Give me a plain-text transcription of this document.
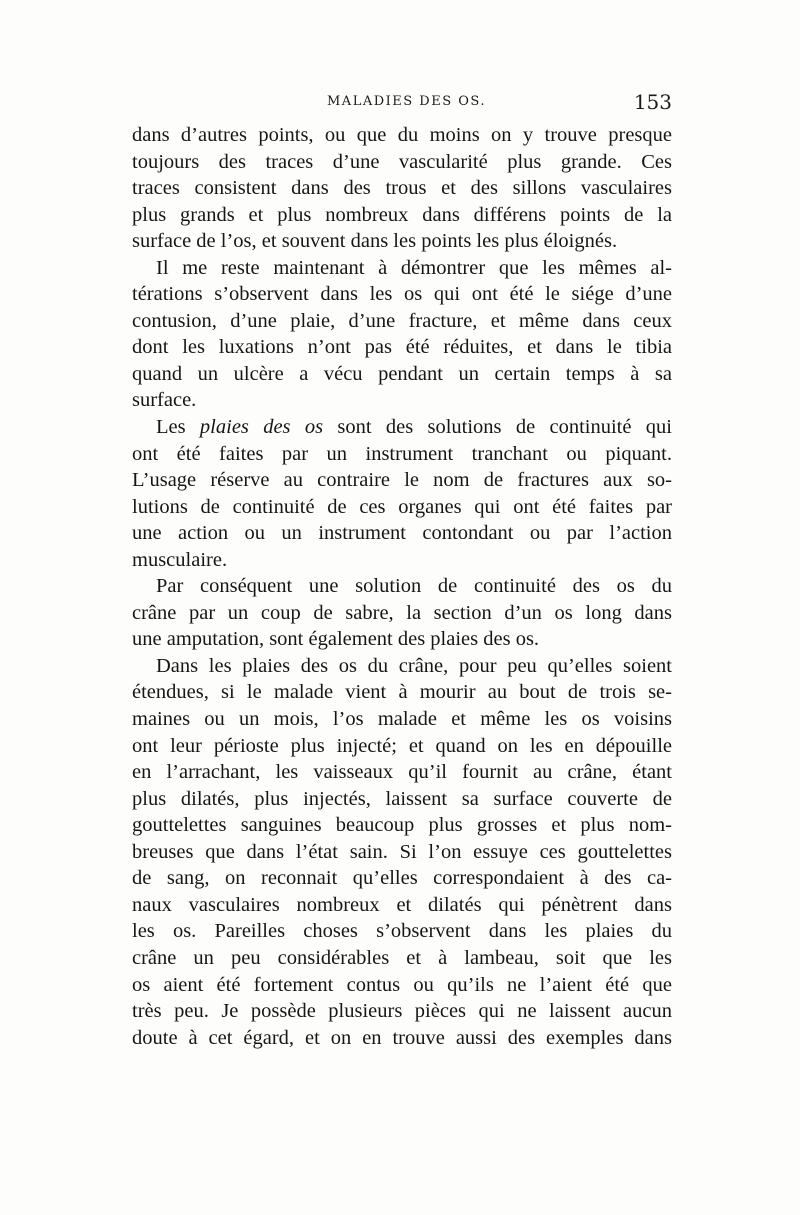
MALADIES DES OS.	153
dans d’autres points, ou que du moins on y trouve presque
toujours des traces d’une vascularité plus grande. Ces
traces consistent dans des trous et des sillons vasculaires
plus grands et plus nombreux dans différens points de la
surface de l’os, et souvent dans les points les plus éloignés.
Il me reste maintenant à démontrer que les mêmes al-
térations s’observent dans les os qui ont été le siége d’une
contusion, d’une plaie, d’une fracture, et même dans ceux
dont les luxations n’ont pas été réduites, et dans le tibia
quand un ulcère a vécu pendant un certain temps à sa
surface.
Les plaies des os sont des solutions de continuité qui
ont été faites par un instrument tranchant ou piquant.
L’usage réserve au contraire le nom de fractures aux so-
lutions de continuité de ces organes qui ont été faites par
une action ou un instrument contondant ou par l’action
musculaire.
Par conséquent une solution de continuité des os du
crâne par un coup de sabre, la section d’un os long dans
une amputation, sont également des plaies des os.
Dans les plaies des os du crâne, pour peu qu’elles soient
étendues, si le malade vient à mourir au bout de trois se-
maines ou un mois, l’os malade et même les os voisins
ont leur périoste plus injecté; et quand on les en dépouille
en l’arrachant, les vaisseaux qu’il fournit au crâne, étant
plus dilatés, plus injectés, laissent sa surface couverte de
gouttelettes sanguines beaucoup plus grosses et plus nom-
breuses que dans l’état sain. Si l’on essuye ces gouttelettes
de sang, on reconnait qu’elles correspondaient à des ca-
naux vasculaires nombreux et dilatés qui pénètrent dans
les os. Pareilles choses s’observent dans les plaies du
crâne un peu considérables et à lambeau, soit que les
os aient été fortement contus ou qu’ils ne l’aient été que
très peu. Je possède plusieurs pièces qui ne laissent aucun
doute à cet égard, et on en trouve aussi des exemples dans
